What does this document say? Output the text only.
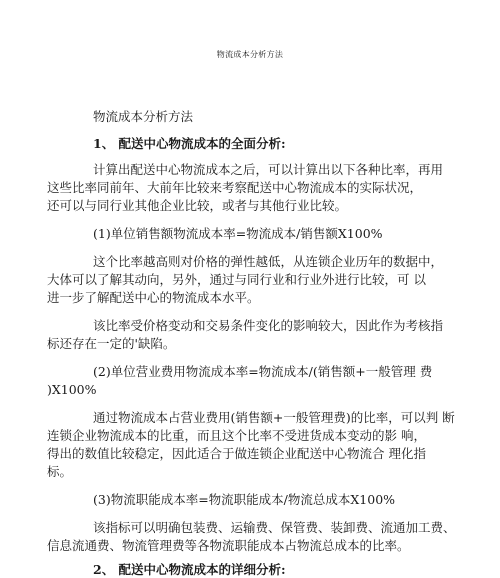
物流成本分析方法
物流成本分析方法
1、 配送中心物流成本的全面分析:
计算出配送中心物流成本之后，可以计算出以下各种比率，再用
这些比率同前年、大前年比较来考察配送中心物流成本的实际状况，
还可以与同行业其他企业比较，或者与其他行业比较。
(1)单位销售额物流成本率=物流成本/销售额X100%
这个比率越高则对价格的弹性越低，从连锁企业历年的数据中，
大体可以了解其动向，另外，通过与同行业和行业外进行比较，可 以
进一步了解配送中心的物流成本水平。
该比率受价格变动和交易条件变化的影响较大，因此作为考核指
标还存在一定的'缺陷。
(2)单位营业费用物流成本率=物流成本/(销售额+一般管理 费
)X100%
通过物流成本占营业费用(销售额+一般管理费)的比率，可以判 断
连锁企业物流成本的比重，而且这个比率不受进货成本变动的影 响，
得出的数值比较稳定，因此适合于做连锁企业配送中心物流合 理化指
标。
(3)物流职能成本率=物流职能成本/物流总成本X100%
该指标可以明确包装费、运输费、保管费、装卸费、流通加工费、
信息流通费、物流管理费等各物流职能成本占物流总成本的比率。
2、 配送中心物流成本的详细分析:
